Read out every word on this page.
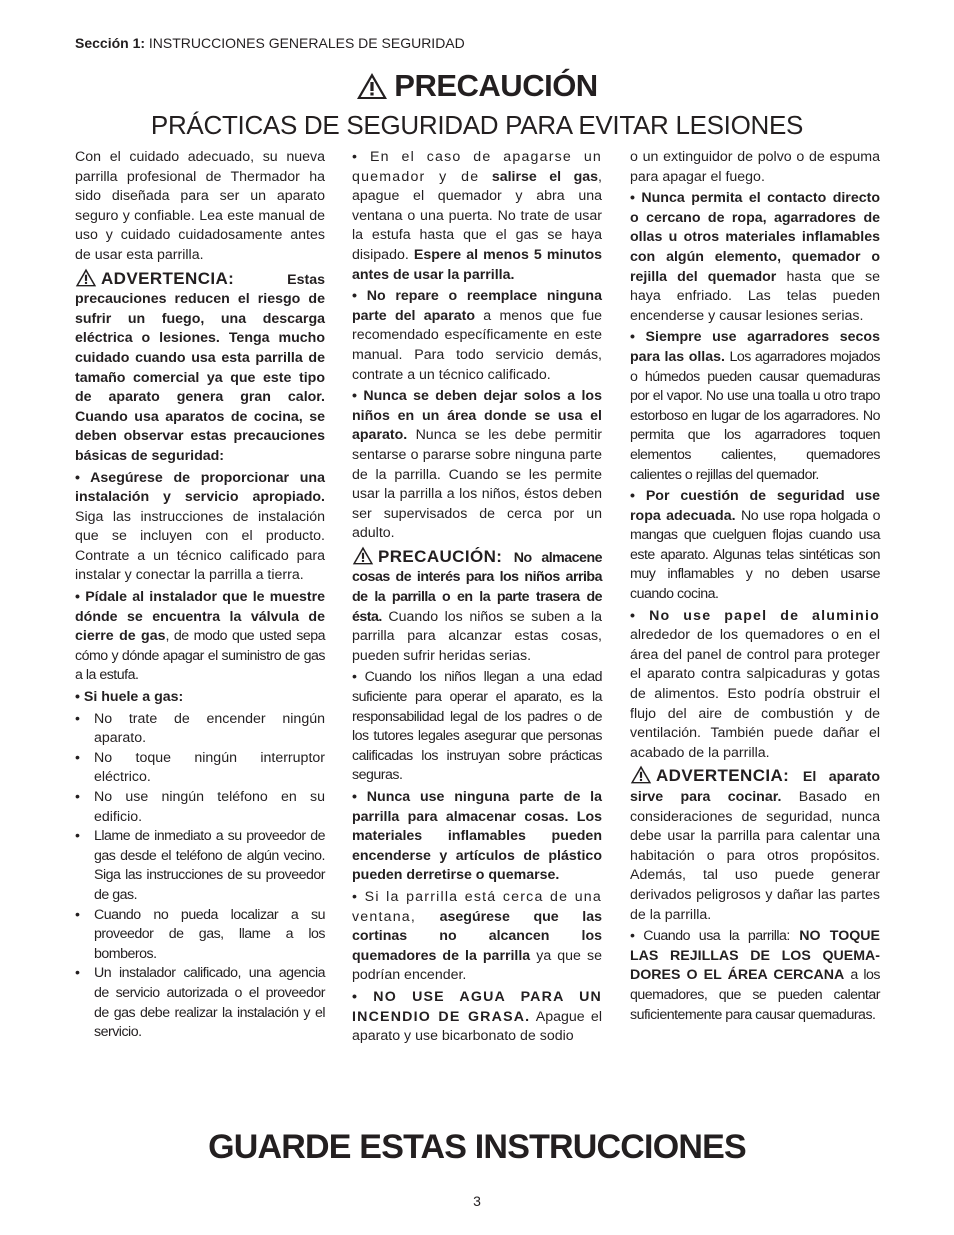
Sección 1: INSTRUCCIONES GENERALES DE SEGURIDAD
PRECAUCIÓN
PRÁCTICAS DE SEGURIDAD PARA EVITAR LESIONES

Con el cuidado adecuado, su nueva parrilla profesional de Thermador ha sido diseñada para ser un aparato seguro y confiable. Lea este manual de uso y cuidado cuidadosamente antes de usar esta parrilla.

ADVERTENCIA:	Estas precauciones reducen el riesgo de sufrir un fuego, una descarga eléctrica o lesiones. Tenga mucho cuidado cuando usa esta parrilla de tamaño comercial ya que este tipo de aparato genera gran calor. Cuando usa aparatos de cocina, se deben observar estas precauciones básicas de seguridad:

• Asegúrese de proporcionar una instalación y servicio apropiado. Siga las instrucciones de instalación que se incluyen con el producto. Contrate a un técnico calificado para instalar y conectar la parrilla a tierra.

• Pídale al instalador que le muestre dónde se encuentra la válvula de cierre de gas, de modo que usted sepa cómo y dónde apagar el suministro de gas a la estufa.

• Si huele a gas:

• No trate de encender ningún aparato.
• No toque ningún interruptor eléctrico.
• No use ningún teléfono en su edificio.
• Llame de inmediato a su proveedor de gas desde el teléfono de algún vecino. Siga las instrucciones de su proveedor de gas.
• Cuando no pueda localizar a su proveedor de gas, llame a los bomberos.
• Un instalador calificado, una agencia de servicio autorizada o el proveedor de gas debe realizar la instalación y el servicio.

• En el caso de apagarse un quemador y de salirse el gas, apague el quemador y abra una ventana o una puerta. No trate de usar la estufa hasta que el gas se haya disipado. Espere al menos 5 minutos antes de usar la parrilla.

• No repare o reemplace ninguna parte del aparato a menos que fue recomendado específicamente en este manual. Para todo servicio demás, contrate a un técnico calificado.

• Nunca se deben dejar solos a los niños en un área donde se usa el aparato. Nunca se les debe permitir sentarse o pararse sobre ninguna parte de la parrilla. Cuando se les permite usar la parrilla a los niños, éstos deben ser supervisados de cerca por un adulto.

PRECAUCIÓN: No almacene cosas de interés para los niños arriba de la parrilla o en la parte trasera de ésta. Cuando los niños se suben a la parrilla para alcanzar estas cosas, pueden sufrir heridas serias.

• Cuando los niños llegan a una edad suficiente para operar el aparato, es la responsabilidad legal de los padres o de los tutores legales asegurar que personas calificadas los instruyan sobre prácticas seguras.

• Nunca use ninguna parte de la parrilla para almacenar cosas. Los materiales inflamables pueden encenderse y artículos de plástico pueden derretirse o quemarse.

• Si la parrilla está cerca de una ventana, asegúrese que las cortinas no alcancen los quemadores de la parrilla ya que se podrían encender.

• NO USE AGUA PARA UN INCENDIO DE GRASA. Apague el aparato y use bicarbonato de sodio

o un extinguidor de polvo o de espuma para apagar el fuego.

• Nunca permita el contacto directo o cercano de ropa, agarradores de ollas u otros materiales inflamables con algún elemento, quemador o rejilla del quemador hasta que se haya enfriado. Las telas pueden encenderse y causar lesiones serias.

• Siempre use agarradores secos para las ollas. Los agarradores mojados o húmedos pueden causar quemaduras por el vapor. No use una toalla u otro trapo estorboso en lugar de los agarradores. No permita que los agarradores toquen elementos calientes, quemadores calientes o rejillas del quemador.

• Por cuestión de seguridad use ropa adecuada. No use ropa holgada o mangas que cuelguen flojas cuando usa este aparato. Algunas telas sintéticas son muy inflamables y no deben usarse cuando cocina.

• No use papel de aluminio alrededor de los quemadores o en el área del panel de control para proteger el aparato contra salpicaduras y gotas de alimentos. Esto podría obstruir el flujo del aire de combustión y de ventilación. También puede dañar el acabado de la parrilla.

ADVERTENCIA: El aparato sirve para cocinar. Basado en consideraciones de seguridad, nunca debe usar la parrilla para calentar una habitación o para otros propósitos. Además, tal uso puede generar derivados peligrosos y dañar las partes de la parrilla.

• Cuando usa la parrilla: NO TOQUE LAS REJILLAS DE LOS QUEMA-DORES O EL ÁREA CERCANA a los quemadores, que se pueden calentar suficientemente para causar quemaduras.

GUARDE ESTAS INSTRUCCIONES
3
